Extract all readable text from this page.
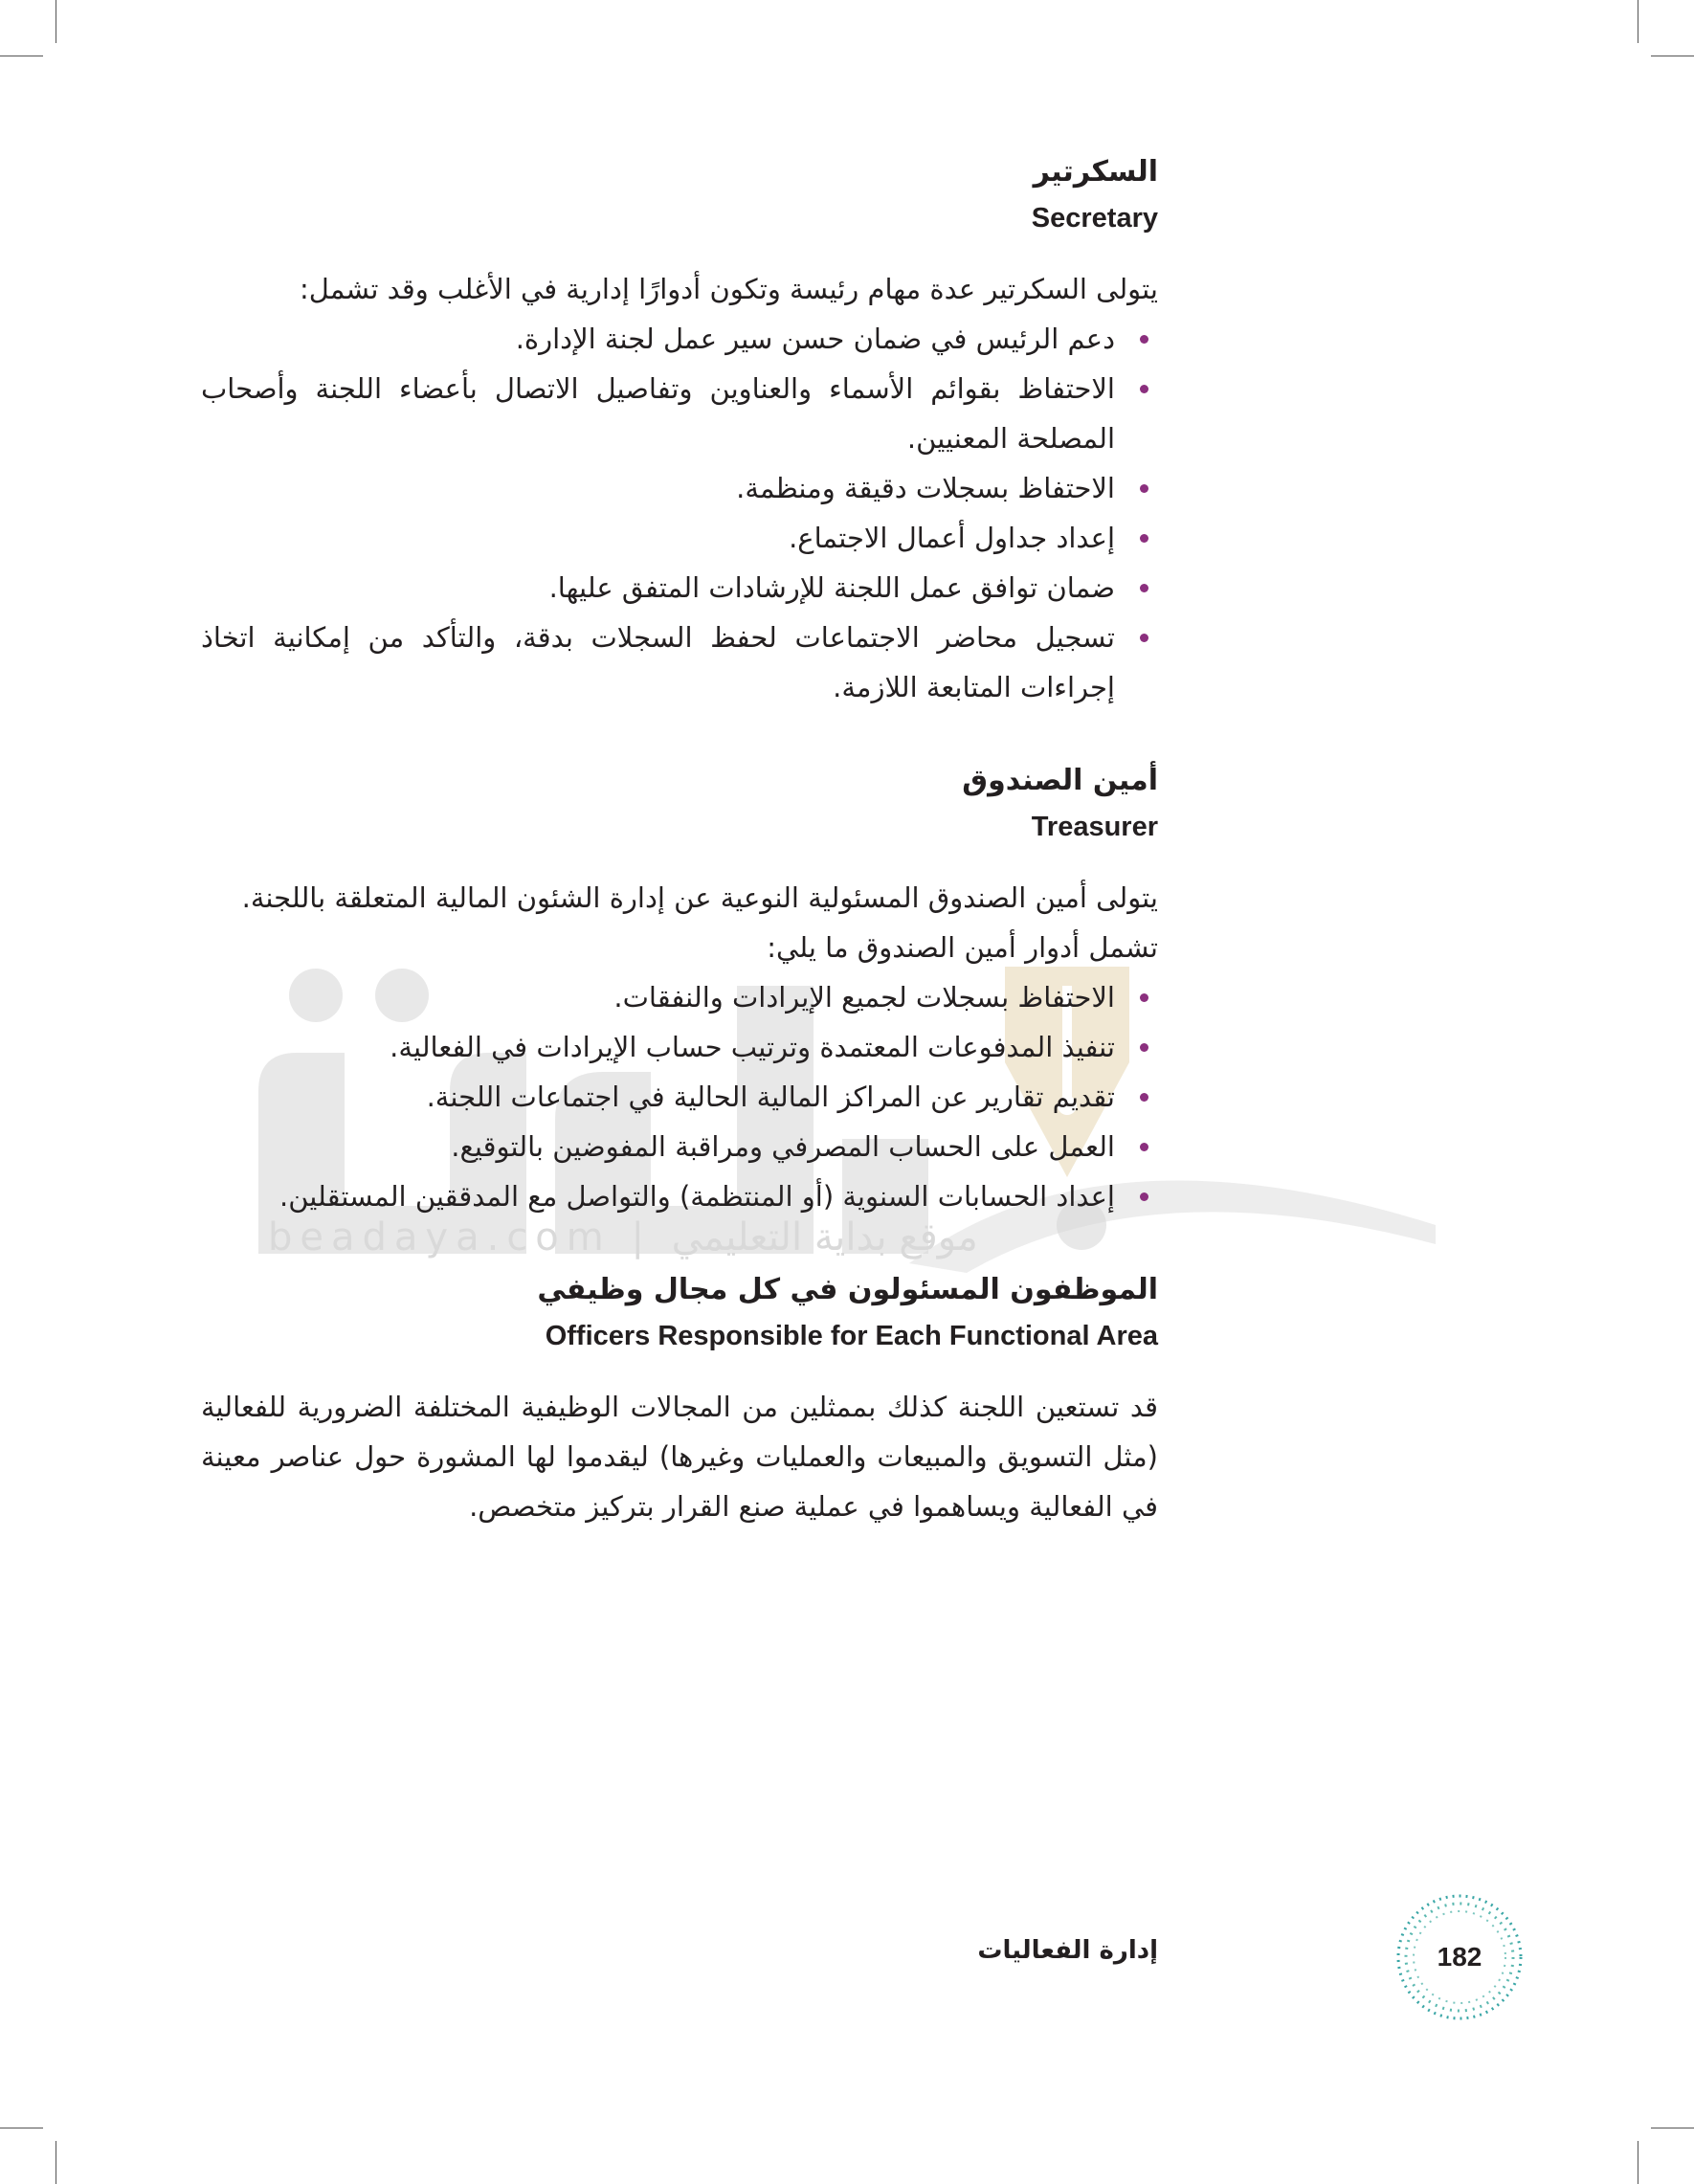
beadaya.com | موقع بداية التعليمي
السكرتير
Secretary

يتولى السكرتير عدة مهام رئيسة وتكون أدوارًا إدارية في الأغلب وقد تشمل:

دعم الرئيس في ضمان حسن سير عمل لجنة الإدارة.
الاحتفاظ بقوائم الأسماء والعناوين وتفاصيل الاتصال بأعضاء اللجنة وأصحاب المصلحة المعنيين.
الاحتفاظ بسجلات دقيقة ومنظمة.
إعداد جداول أعمال الاجتماع.
ضمان توافق عمل اللجنة للإرشادات المتفق عليها.
تسجيل محاضر الاجتماعات لحفظ السجلات بدقة، والتأكد من إمكانية اتخاذ إجراءات المتابعة اللازمة.
أمين الصندوق
Treasurer

يتولى أمين الصندوق المسئولية النوعية عن إدارة الشئون المالية المتعلقة باللجنة.
تشمل أدوار أمين الصندوق ما يلي:

الاحتفاظ بسجلات لجميع الإيرادات والنفقات.
تنفيذ المدفوعات المعتمدة وترتيب حساب الإيرادات في الفعالية.
تقديم تقارير عن المراكز المالية الحالية في اجتماعات اللجنة.
العمل على الحساب المصرفي ومراقبة المفوضين بالتوقيع.
إعداد الحسابات السنوية (أو المنتظمة) والتواصل مع المدققين المستقلين.
الموظفون المسئولون في كل مجال وظيفي
Officers Responsible for Each Functional Area

قد تستعين اللجنة كذلك بممثلين من المجالات الوظيفية المختلفة الضرورية للفعالية (مثل التسويق والمبيعات والعمليات وغيرها) ليقدموا لها المشورة حول عناصر معينة في الفعالية ويساهموا في عملية صنع القرار بتركيز متخصص.

إدارة الفعاليات	182
